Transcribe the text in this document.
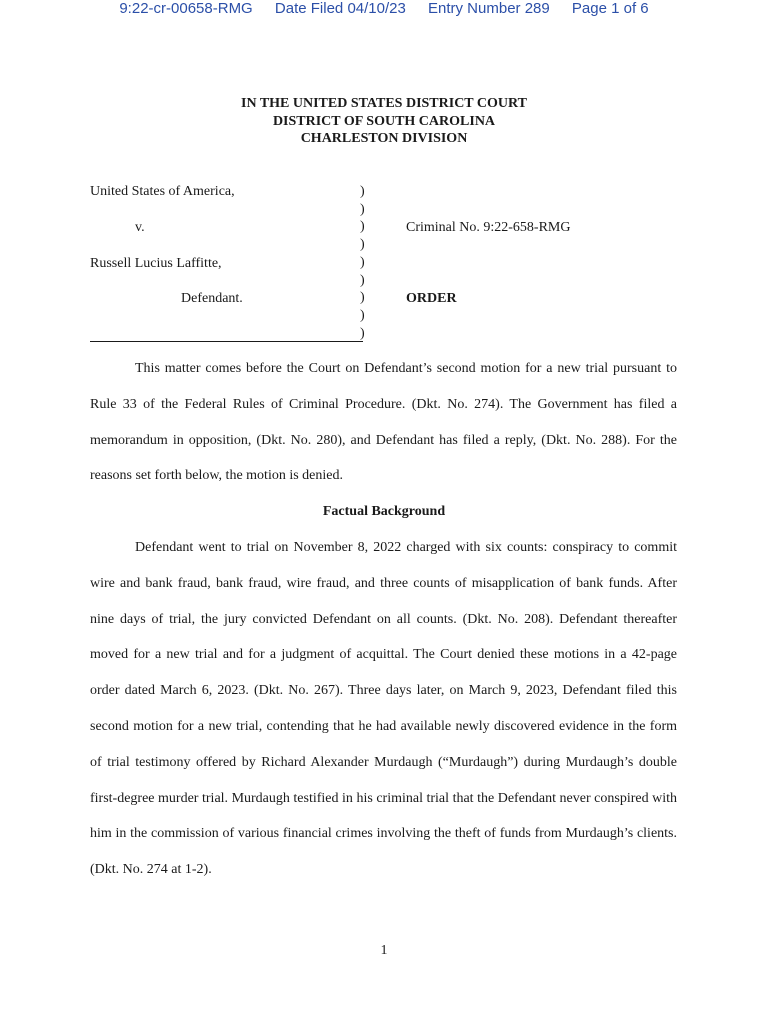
9:22-cr-00658-RMG Date Filed 04/10/23 Entry Number 289 Page 1 of 6
IN THE UNITED STATES DISTRICT COURT
DISTRICT OF SOUTH CAROLINA
CHARLESTON DIVISION
United States of America,
v.
Russell Lucius Laffitte,
Defendant.
)
)
)
)
)
)
)
)
)
Criminal No. 9:22-658-RMG
ORDER

This matter comes before the Court on Defendant’s second motion for a new trial pursuant to Rule 33 of the Federal Rules of Criminal Procedure. (Dkt. No. 274). The Government has filed a memorandum in opposition, (Dkt. No. 280), and Defendant has filed a reply, (Dkt. No. 288). For the reasons set forth below, the motion is denied.

Factual Background

Defendant went to trial on November 8, 2022 charged with six counts: conspiracy to commit wire and bank fraud, bank fraud, wire fraud, and three counts of misapplication of bank funds. After nine days of trial, the jury convicted Defendant on all counts. (Dkt. No. 208). Defendant thereafter moved for a new trial and for a judgment of acquittal. The Court denied these motions in a 42-page order dated March 6, 2023. (Dkt. No. 267). Three days later, on March 9, 2023, Defendant filed this second motion for a new trial, contending that he had available newly discovered evidence in the form of trial testimony offered by Richard Alexander Murdaugh (“Murdaugh”) during Murdaugh’s double first-degree murder trial. Murdaugh testified in his criminal trial that the Defendant never conspired with him in the commission of various financial crimes involving the theft of funds from Murdaugh’s clients. (Dkt. No. 274 at 1-2).

1
